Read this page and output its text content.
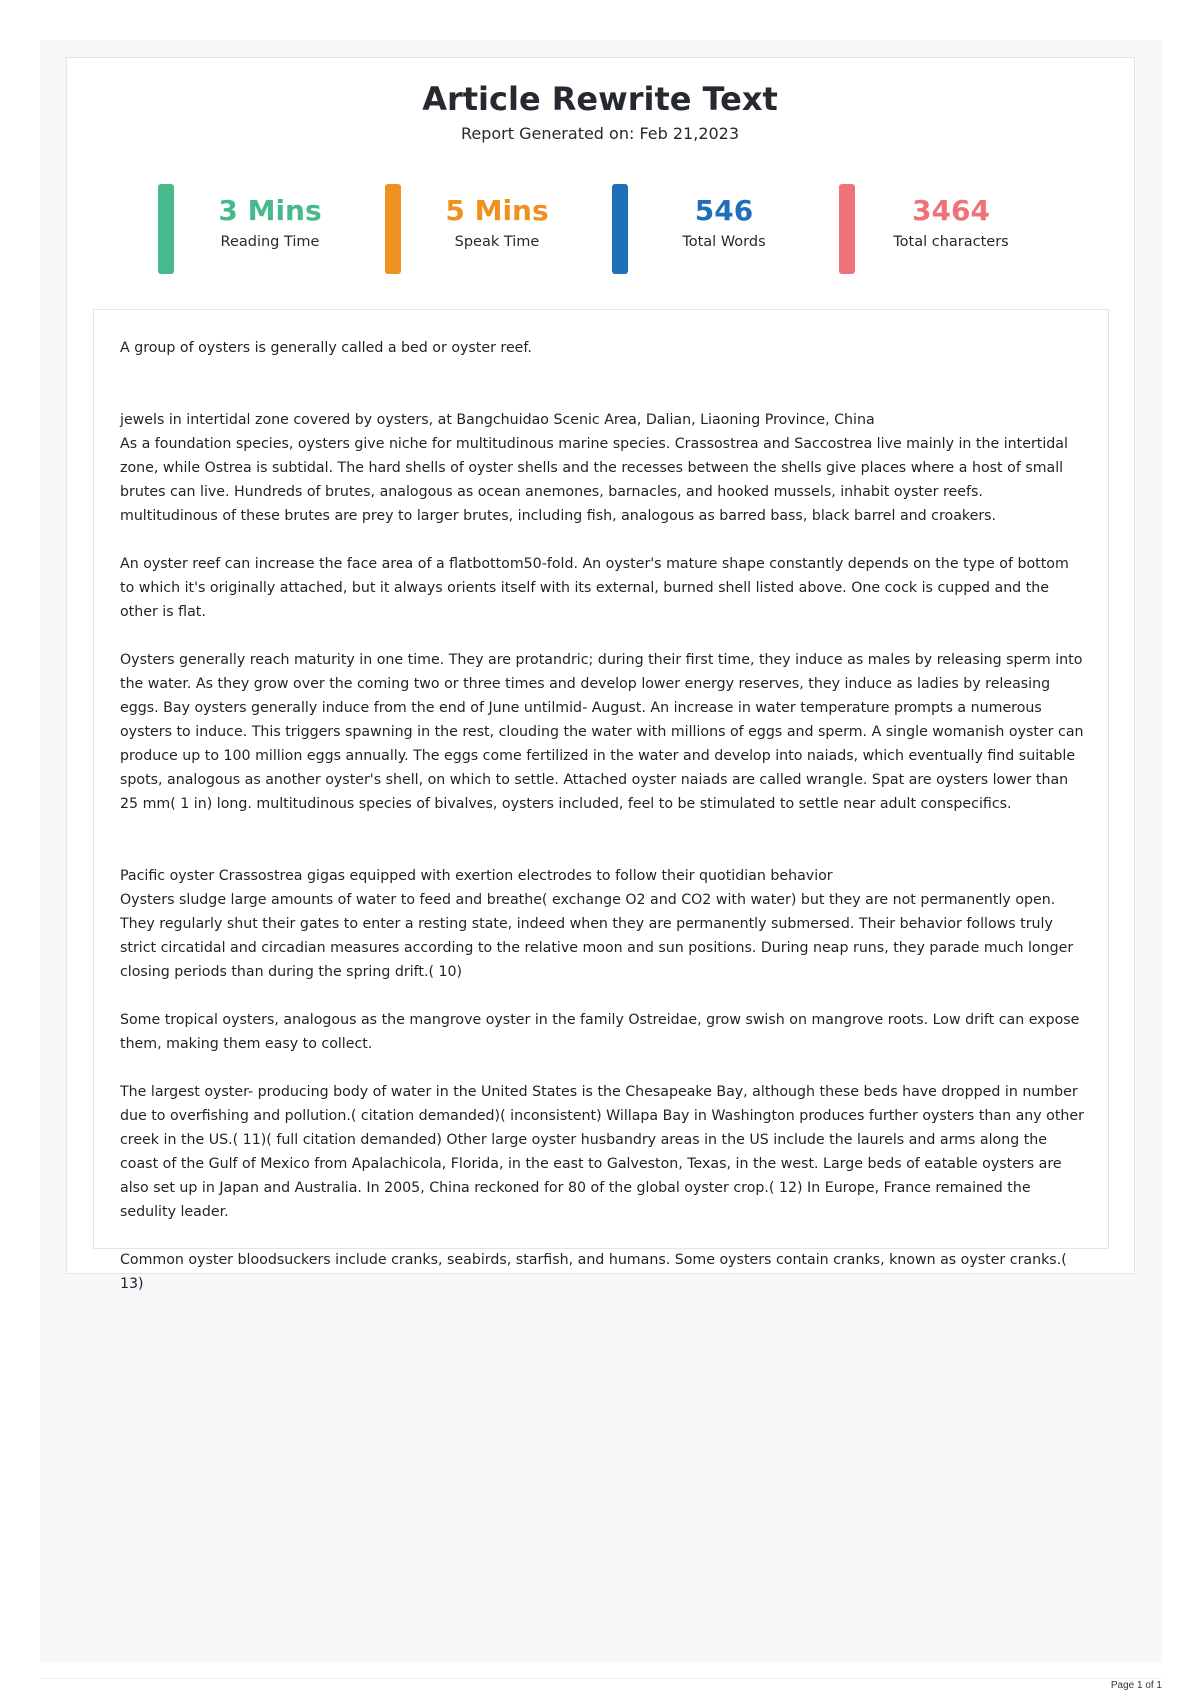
Article Rewrite Text
Report Generated on: Feb 21,2023
3 Mins
Reading Time
5 Mins
Speak Time
546
Total Words
3464
Total characters

A group of oysters is generally called a bed or oyster reef.

jewels in intertidal zone covered by oysters, at Bangchuidao Scenic Area, Dalian, Liaoning Province, China

As a foundation species, oysters give niche for multitudinous marine species. Crassostrea and Saccostrea live mainly in the intertidal zone, while Ostrea is subtidal. The hard shells of oyster shells and the recesses between the shells give places where a host of small brutes can live. Hundreds of brutes, analogous as ocean anemones, barnacles, and hooked mussels, inhabit oyster reefs. multitudinous of these brutes are prey to larger brutes, including fish, analogous as barred bass, black barrel and croakers.

An oyster reef can increase the face area of a flatbottom50-fold. An oyster's mature shape constantly depends on the type of bottom to which it's originally attached, but it always orients itself with its external, burned shell listed above. One cock is cupped and the other is flat.

Oysters generally reach maturity in one time. They are protandric; during their first time, they induce as males by releasing sperm into the water. As they grow over the coming two or three times and develop lower energy reserves, they induce as ladies by releasing eggs. Bay oysters generally induce from the end of June untilmid- August. An increase in water temperature prompts a numerous oysters to induce. This triggers spawning in the rest, clouding the water with millions of eggs and sperm. A single womanish oyster can produce up to 100 million eggs annually. The eggs come fertilized in the water and develop into naiads, which eventually find suitable spots, analogous as another oyster's shell, on which to settle. Attached oyster naiads are called wrangle. Spat are oysters lower than 25 mm( 1 in) long. multitudinous species of bivalves, oysters included, feel to be stimulated to settle near adult conspecifics.

Pacific oyster Crassostrea gigas equipped with exertion electrodes to follow their quotidian behavior

Oysters sludge large amounts of water to feed and breathe( exchange O2 and CO2 with water) but they are not permanently open. They regularly shut their gates to enter a resting state, indeed when they are permanently submersed. Their behavior follows truly strict circatidal and circadian measures according to the relative moon and sun positions. During neap runs, they parade much longer closing periods than during the spring drift.( 10)

Some tropical oysters, analogous as the mangrove oyster in the family Ostreidae, grow swish on mangrove roots. Low drift can expose them, making them easy to collect.

The largest oyster- producing body of water in the United States is the Chesapeake Bay, although these beds have dropped in number due to overfishing and pollution.( citation demanded)( inconsistent) Willapa Bay in Washington produces further oysters than any other creek in the US.( 11)( full citation demanded) Other large oyster husbandry areas in the US include the laurels and arms along the coast of the Gulf of Mexico from Apalachicola, Florida, in the east to Galveston, Texas, in the west. Large beds of eatable oysters are also set up in Japan and Australia. In 2005, China reckoned for 80 of the global oyster crop.( 12) In Europe, France remained the sedulity leader.

Common oyster bloodsuckers include cranks, seabirds, starfish, and humans. Some oysters contain cranks, known as oyster cranks.( 13)

Page 1 of 1
